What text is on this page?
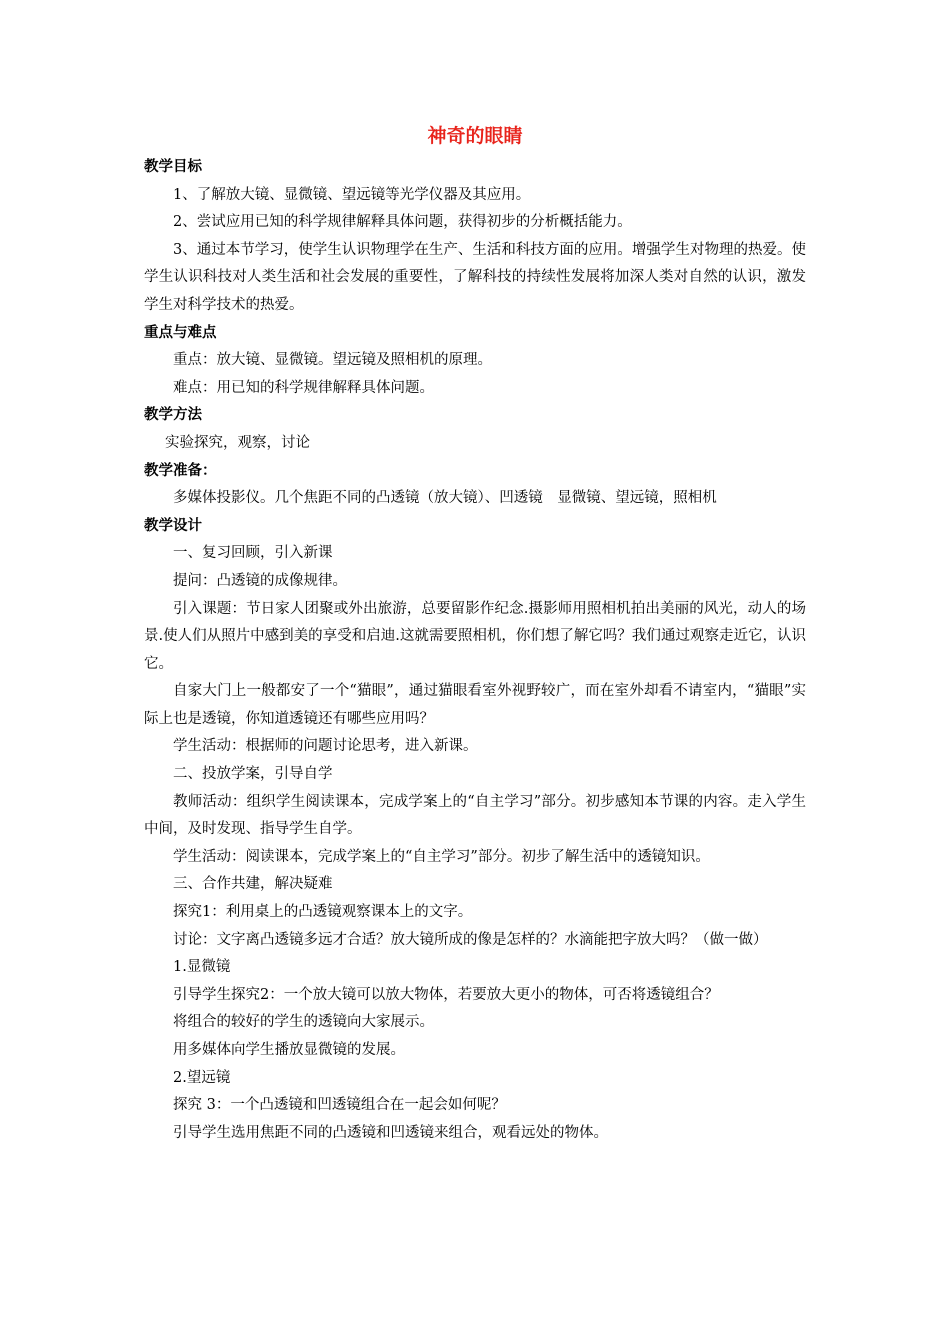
神奇的眼睛

教学目标

1、了解放大镜、显微镜、望远镜等光学仪器及其应用。

2、尝试应用已知的科学规律解释具体问题，获得初步的分析概括能力。

3、通过本节学习，使学生认识物理学在生产、生活和科技方面的应用。增强学生对物理的热爱。使学生认识科技对人类生活和社会发展的重要性，了解科技的持续性发展将加深人类对自然的认识，激发学生对科学技术的热爱。

重点与难点

重点：放大镜、显微镜。望远镜及照相机的原理。

难点：用已知的科学规律解释具体问题。

教学方法

实验探究，观察，讨论

教学准备：

多媒体投影仪。几个焦距不同的凸透镜（放大镜）、凹透镜　显微镜、望远镜，照相机

教学设计

一、复习回顾，引入新课

提问：凸透镜的成像规律。

引入课题：节日家人团聚或外出旅游，总要留影作纪念.摄影师用照相机拍出美丽的风光，动人的场景.使人们从照片中感到美的享受和启迪.这就需要照相机，你们想了解它吗？我们通过观察走近它，认识它。

自家大门上一般都安了一个“猫眼”，通过猫眼看室外视野较广，而在室外却看不请室内，“猫眼”实际上也是透镜，你知道透镜还有哪些应用吗？

学生活动：根据师的问题讨论思考，进入新课。

二、投放学案，引导自学

教师活动：组织学生阅读课本，完成学案上的“自主学习”部分。初步感知本节课的内容。走入学生中间，及时发现、指导学生自学。

学生活动：阅读课本，完成学案上的“自主学习”部分。初步了解生活中的透镜知识。

三、合作共建，解决疑难

探究1：利用桌上的凸透镜观察课本上的文字。

讨论：文字离凸透镜多远才合适？放大镜所成的像是怎样的？水滴能把字放大吗？（做一做）

1.显微镜

引导学生探究2：一个放大镜可以放大物体，若要放大更小的物体，可否将透镜组合？

将组合的较好的学生的透镜向大家展示。

用多媒体向学生播放显微镜的发展。

2.望远镜

探究 3：一个凸透镜和凹透镜组合在一起会如何呢？

引导学生选用焦距不同的凸透镜和凹透镜来组合，观看远处的物体。
